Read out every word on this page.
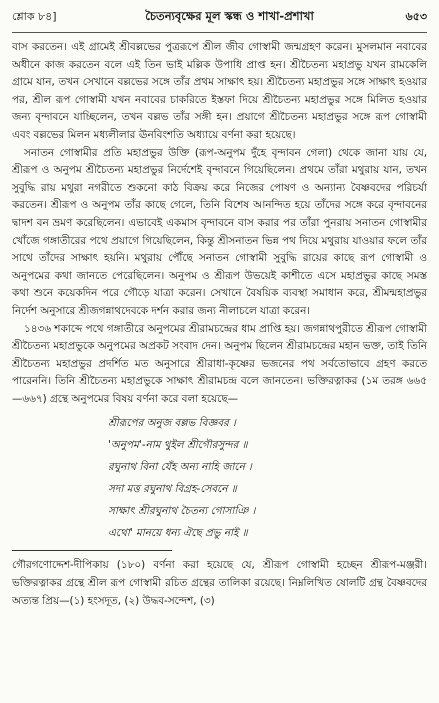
শ্লোক ৮৪]	চৈতন্যবৃক্ষের মূল স্কন্ধ ও শাখা-প্রশাখা	৬৫৩

বাস করতেন। এই গ্রামেই শ্রীবল্লভের পুত্ররূপে শ্রীল জীব গোস্বামী জন্মগ্রহণ করেন। মুসলমান নবাবের অধীনে কাজ করতেন বলে এই তিন ভাই মল্লিক উপাধি প্রাপ্ত হন। শ্রীচৈতন্য মহাপ্রভু যখন রামকেলি গ্রামে যান, তখন সেখানে বল্লভের সঙ্গে তাঁর প্রথম সাক্ষাৎ হয়। শ্রীচৈতন্য মহাপ্রভুর সঙ্গে সাক্ষাৎ হওয়ার পর, শ্রীল রূপ গোস্বামী যখন নবাবের চাকরিতে ইস্তফা দিয়ে শ্রীচৈতন্য মহাপ্রভুর সঙ্গে মিলিত হওয়ার জন্য বৃন্দাবনে যাচ্ছিলেন, তখন বল্লভ তাঁর সঙ্গী হন। প্রয়াগে শ্রীচৈতন্য মহাপ্রভুর সঙ্গে রূপ গোস্বামী এবং বল্লভের মিলন মধ্যলীলার ঊনবিংশতি অধ্যায়ে বর্ণনা করা হয়েছে।

সনাতন গোস্বামীর প্রতি মহাপ্রভুর উক্তি (রূপ-অনুপম দুঁহে বৃন্দাবন গেলা) থেকে জানা যায় যে, শ্রীরূপ ও অনুপম শ্রীচৈতন্য মহাপ্রভুর নির্দেশেই বৃন্দাবনে গিয়েছিলেন। প্রথমে তাঁরা মথুরায় যান, তখন সুবুদ্ধি রায় মথুরা নগরীতে শুকনো কাঠ বিক্রয় করে নিজের পোষণ ও অন্যান্য বৈষ্ণবদের পরিচর্যা করতেন। শ্রীরূপ ও অনুপম তাঁর কাছে গেলে, তিনি বিশেষ আনন্দিত হয়ে তাঁদের সঙ্গে করে বৃন্দাবনের দ্বাদশ বন ভ্রমণ করেছিলেন। এভাবেই একমাস বৃন্দাবনে বাস করার পর তাঁরা পুনরায় সনাতন গোস্বামীর খোঁজে গঙ্গাতীরের পথে প্রয়াগে গিয়েছিলেন, কিন্তু শ্রীসনাতন ভিন্ন পথ দিয়ে মথুরায় যাওয়ার ফলে তাঁর সাথে তাঁদের সাক্ষাৎ হয়নি। মথুরায় পৌঁছে সনাতন গোস্বামী সুবুদ্ধি রায়ের কাছে রূপ গোস্বামী ও অনুপমের কথা জানতে পেরেছিলেন। অনুপম ও শ্রীরূপ উভয়েই কাশীতে এসে মহাপ্রভুর কাছে সমস্ত কথা শুনে কয়েকদিন পরে গৌড়ে যাত্রা করেন। সেখানে বৈষয়িক ব্যবস্থা সমাধান করে, শ্রীমন্মহাপ্রভুর নির্দেশ অনুসারে শ্রীজগন্নাথদেবকে দর্শন করার জন্য নীলাচলে যাত্রা করেন।

১৪৩৬ শকাব্দে পথে গঙ্গাতীরে অনুপমের শ্রীরামচন্দ্রের ধাম প্রাপ্তি হয়। জগন্নাথপুরীতে শ্রীরূপ গোস্বামী শ্রীচৈতন্য মহাপ্রভুকে অনুপমের অপ্রকট সংবাদ দেন। অনুপম ছিলেন শ্রীরামচন্দ্রের মহান ভক্ত, তাই তিনি শ্রীচৈতন্য মহাপ্রভুর প্রদর্শিত মত অনুসারে শ্রীরাধা-কৃষ্ণের ভজনের পথ সর্বতোভাবে গ্রহণ করতে পারেননি। তিনি শ্রীচৈতন্য মহাপ্রভুকে সাক্ষাৎ শ্রীরামচন্দ্র বলে জানতেন। ভক্তিরত্নাকর (১ম তরঙ্গ ৬৬৫—৬৬৭) গ্রন্থে অনুপমের বিষয় বর্ণনা করে বলা হয়েছে—

শ্রীরূপের অনুজ বল্লভ বিজ্ঞবর ।
'অনুপম'-নাম থুইল শ্রীগৌরসুন্দর ॥
রঘুনাথ বিনা যেঁহ অন্য নাহি জানে ।
সদা মত্ত রঘুনাথ বিগ্রহ-সেবনে ॥
সাক্ষাৎ শ্রীরঘুনাথ চৈতন্য গোসাঞি ।
এথো' মানয়ে ধন্য ঐছে প্রভু নাই ॥
গৌরগণোদ্দেশ-দীপিকায় (১৮০) বর্ণনা করা হয়েছে যে, শ্রীরূপ গোস্বামী হচ্ছেন শ্রীরূপ-মঞ্জরী। ভক্তিরত্নাকর গ্রন্থে শ্রীল রূপ গোস্বামী রচিত গ্রন্থের তালিকা রয়েছে। নিম্নলিখিত ষোলটি গ্রন্থ বৈষ্ণবদের অত্যন্ত প্রিয়—(১) হংসদূত, (২) উদ্ধব-সন্দেশ, (৩)
